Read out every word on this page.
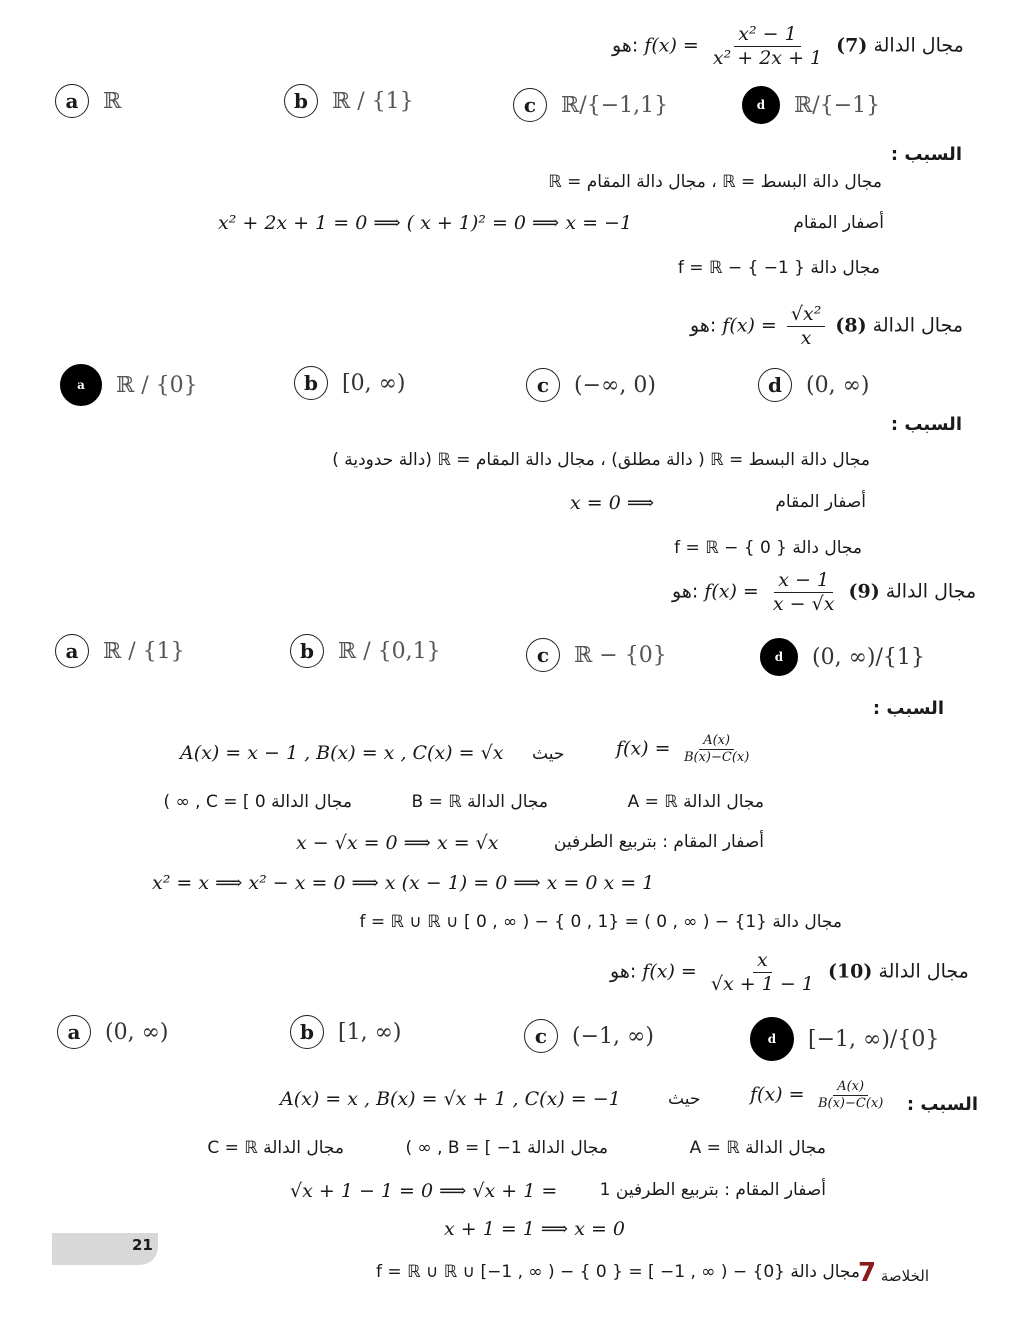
هو: $f(x) = \frac{\text{x² − 1}}{\text{x² + 2x + 1}}$ مجال الدالة (7)
a	ℝ	b	ℝ / {1}	c	ℝ/{−1,1}	d	ℝ/{−1}
السبب :
مجال دالة البسط = ℝ ، مجال دالة المقام = ℝ
x² + 2x + 1 = 0 ⟹ ( x + 1)² = 0 ⟹ x = −1	أصفار المقام
مجال دالة f = ℝ − { −1 }
هو: $f(x) = \frac{\text{√x²}}{x}$ مجال الدالة (8)
a	ℝ / {0}	b	[0, ∞)	c	(−∞, 0)	d	(0, ∞)
السبب :
مجال دالة البسط = ℝ ( دالة مطلق) ، مجال دالة المقام = ℝ (دالة حدودية )
x = 0 ⟹	أصفار المقام
مجال دالة f = ℝ − { 0 }
هو: $f(x) = \frac{x - 1}{x - √x}$ مجال الدالة (9)
a	ℝ / {1}	b	ℝ / {0,1}	c	ℝ − {0}	d	(0, ∞)/{1}
السبب :
A(x) = x − 1 , B(x) = x , C(x) = √x حيث	$f(x) = \frac{A(x)}{B(x)-C(x)}$
مجال الدالة A = ℝ
مجال الدالة B = ℝ
مجال الدالة C = [ 0 , ∞ )
أصفار المقام : بتربيع الطرفين
x − √x = 0 ⟹ x = √x
x² = x ⟹ x² − x = 0 ⟹ x (x − 1) = 0 ⟹ x = 0 x = 1
مجال دالة f = ℝ ∪ ℝ ∪ [ 0 , ∞ ) − { 0 , 1} = ( 0 , ∞ ) − {1}
هو: $f(x) = \frac{x}{√x + 1 - 1}$	مجال الدالة (10)
a	(0, ∞)	b	[1, ∞)	c	(−1, ∞)	d	[−1, ∞)/{0}
السبب :
A(x) = x , B(x) = √x + 1 , C(x) = −1	حيث	$f(x) = \frac{A(x)}{B(x)-C(x)}$
مجال الدالة A = ℝ
مجال الدالة B = [ −1 , ∞ )
مجال الدالة C = ℝ
أصفار المقام : بتربيع الطرفين 1
√x + 1 − 1 = 0 ⟹ √x + 1 =
x + 1 = 1 ⟹ x = 0
مجال دالة f = ℝ ∪ ℝ ∪ [−1 , ∞ ) − { 0 } = [ −1 , ∞ ) − {0}
21
7 الخلاصة
